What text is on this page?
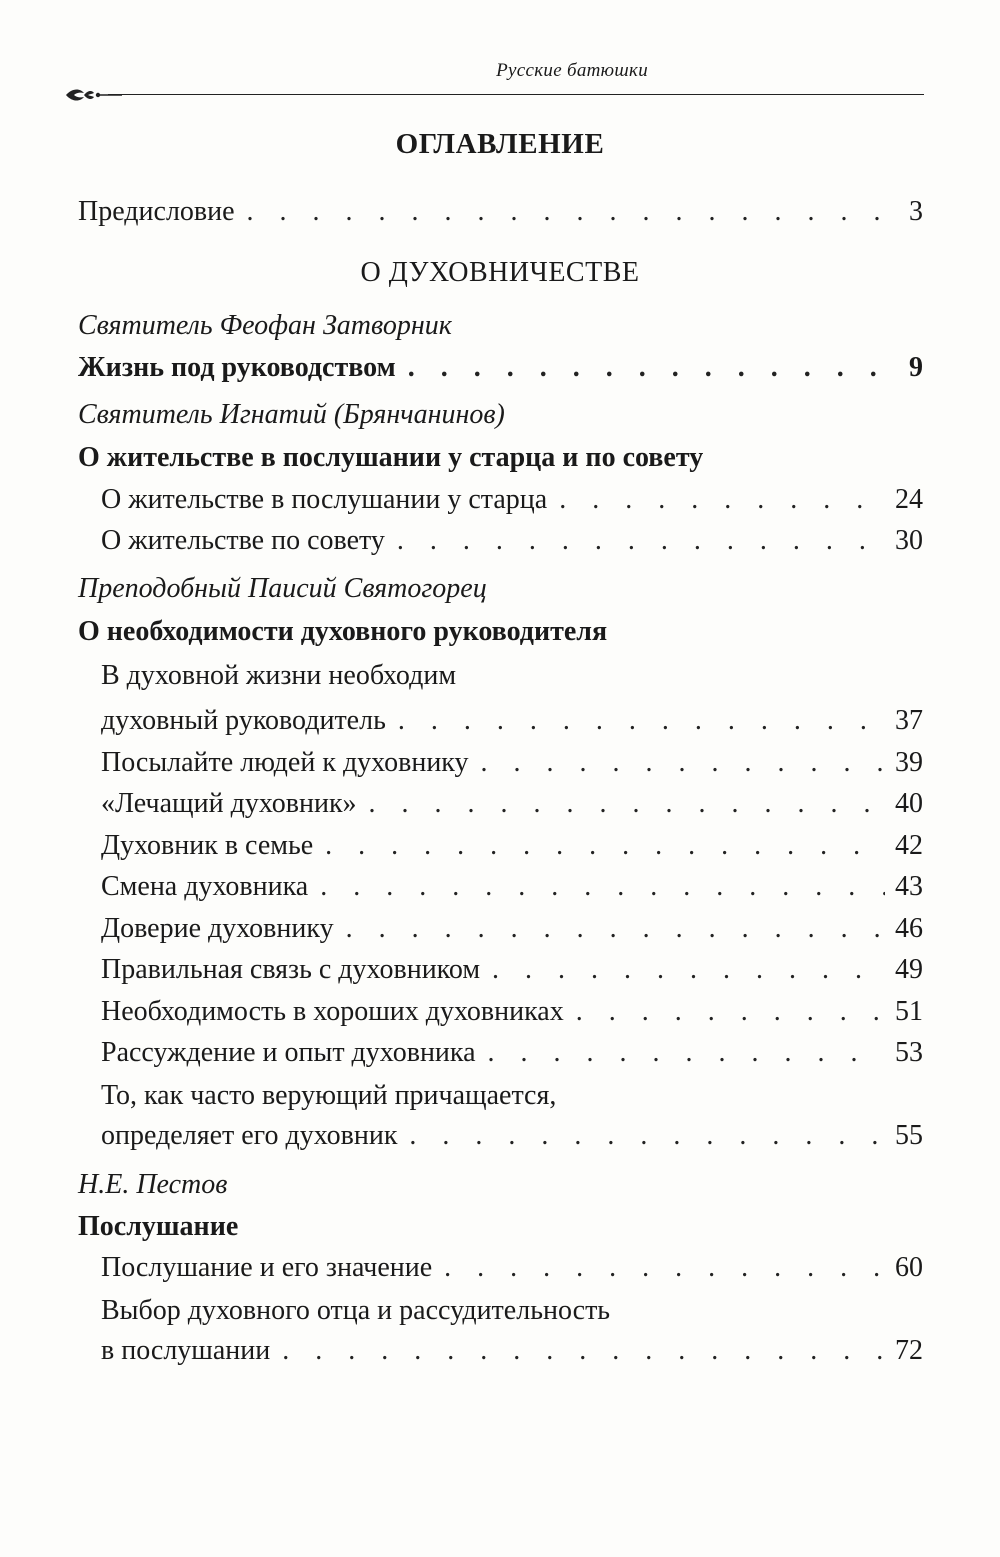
Русские батюшки
ОГЛАВЛЕНИЕ
Предисловие . . .	3
О ДУХОВНИЧЕСТВЕ
Святитель Феофан Затворник
Жизнь под руководством . . .	9
Святитель Игнатий (Брянчанинов)
О жительстве в послушании у старца и по совету
О жительстве в послушании у старца . . .	24
О жительстве по совету . . .	30
Преподобный Паисий Святогорец
О необходимости духовного руководителя
В духовной жизни необходим
духовный руководитель . . .	37
Посылайте людей к духовнику . . .	39
«Лечащий духовник» . . .	40
Духовник в семье . . .	42
Смена духовника . . .	43
Доверие духовнику . . .	46
Правильная связь с духовником . . .	49
Необходимость в хороших духовниках . . .	51
Рассуждение и опыт духовника . . .	53
То, как часто верующий причащается,
определяет его духовник . . .	55
Н.Е. Пестов
Послушание
Послушание и его значение . . .	60
Выбор духовного отца и рассудительность
в послушании . . .	72
